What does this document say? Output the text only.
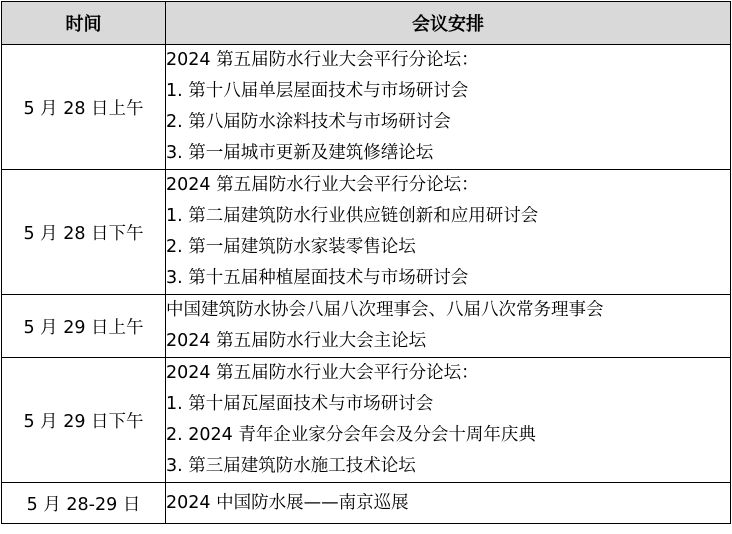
时间	会议安排
5 月 28 日上午	2024 第五届防水行业大会平行分论坛：
1. 第十八届单层屋面技术与市场研讨会
2. 第八届防水涂料技术与市场研讨会
3. 第一届城市更新及建筑修缮论坛

5 月 28 日下午	2024 第五届防水行业大会平行分论坛：
1. 第二届建筑防水行业供应链创新和应用研讨会
2. 第一届建筑防水家装零售论坛
3. 第十五届种植屋面技术与市场研讨会

5 月 29 日上午	中国建筑防水协会八届八次理事会、八届八次常务理事会
2024 第五届防水行业大会主论坛

5 月 29 日下午	2024 第五届防水行业大会平行分论坛：
1. 第十届瓦屋面技术与市场研讨会
2. 2024 青年企业家分会年会及分会十周年庆典
3. 第三届建筑防水施工技术论坛

5 月 28-29 日	2024 中国防水展——南京巡展
